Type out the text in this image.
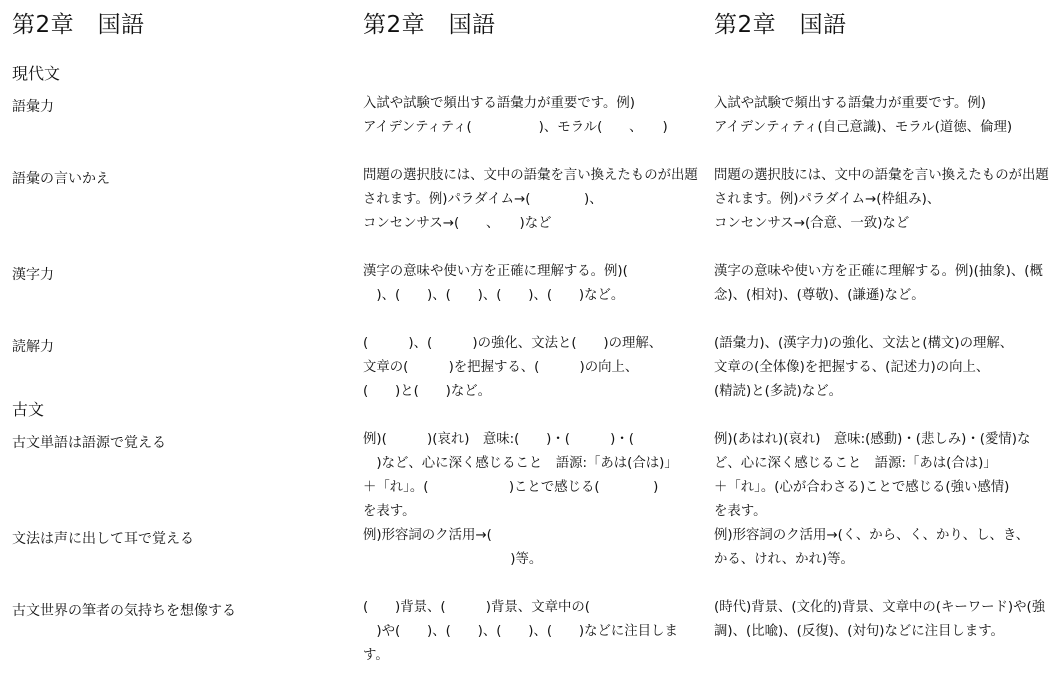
第2章　国語
現代文
語彙力
語彙の言いかえ
漢字力
読解力
古文
古文単語は語源で覚える
文法は声に出して耳で覚える
古文世界の筆者の気持ちを想像する
第2章　国語

入試や試験で頻出する語彙力が重要です。例)
アイデンティティ(　　　　　)、モラル(　　、　　)

問題の選択肢には、文中の語彙を言い換えたものが出題されます。例)パラダイム→(　　　　)、
コンセンサス→(　　、　　)など

漢字の意味や使い方を正確に理解する。例)(
　)、(　　)、(　　)、(　　)、(　　)など。

(　　　)、(　　　)の強化、文法と(　　)の理解、
文章の(　　　)を把握する、(　　　)の向上、
(　　)と(　　)など。

例)(　　　)(哀れ)　意味:(　　)・(　　　)・(
　)など、心に深く感じること　語源:「あは(合は)」
＋「れ」。(　　　　　　)ことで感じる(　　　　)
を表す。

例)形容詞のク活用→(
　　　　　　　　　　　)等。

(　　)背景、(　　　)背景、文章中の(
　)や(　　)、(　　)、(　　)、(　　)などに注目します。

第2章　国語

入試や試験で頻出する語彙力が重要です。例)
アイデンティティ(自己意識)、モラル(道徳、倫理)

問題の選択肢には、文中の語彙を言い換えたものが出題されます。例)パラダイム→(枠組み)、
コンセンサス→(合意、一致)など

漢字の意味や使い方を正確に理解する。例)(抽象)、(概念)、(相対)、(尊敬)、(謙遜)など。

(語彙力)、(漢字力)の強化、文法と(構文)の理解、
文章の(全体像)を把握する、(記述力)の向上、
(精読)と(多読)など。

例)(あはれ)(哀れ)　意味:(感動)・(悲しみ)・(愛情)など、心に深く感じること　語源:「あは(合は)」
＋「れ」。(心が合わさる)ことで感じる(強い感情)
を表す。

例)形容詞のク活用→(く、から、く、かり、し、き、
かる、けれ、かれ)等。

(時代)背景、(文化的)背景、文章中の(キーワード)や(強調)、(比喩)、(反復)、(対句)などに注目します。
